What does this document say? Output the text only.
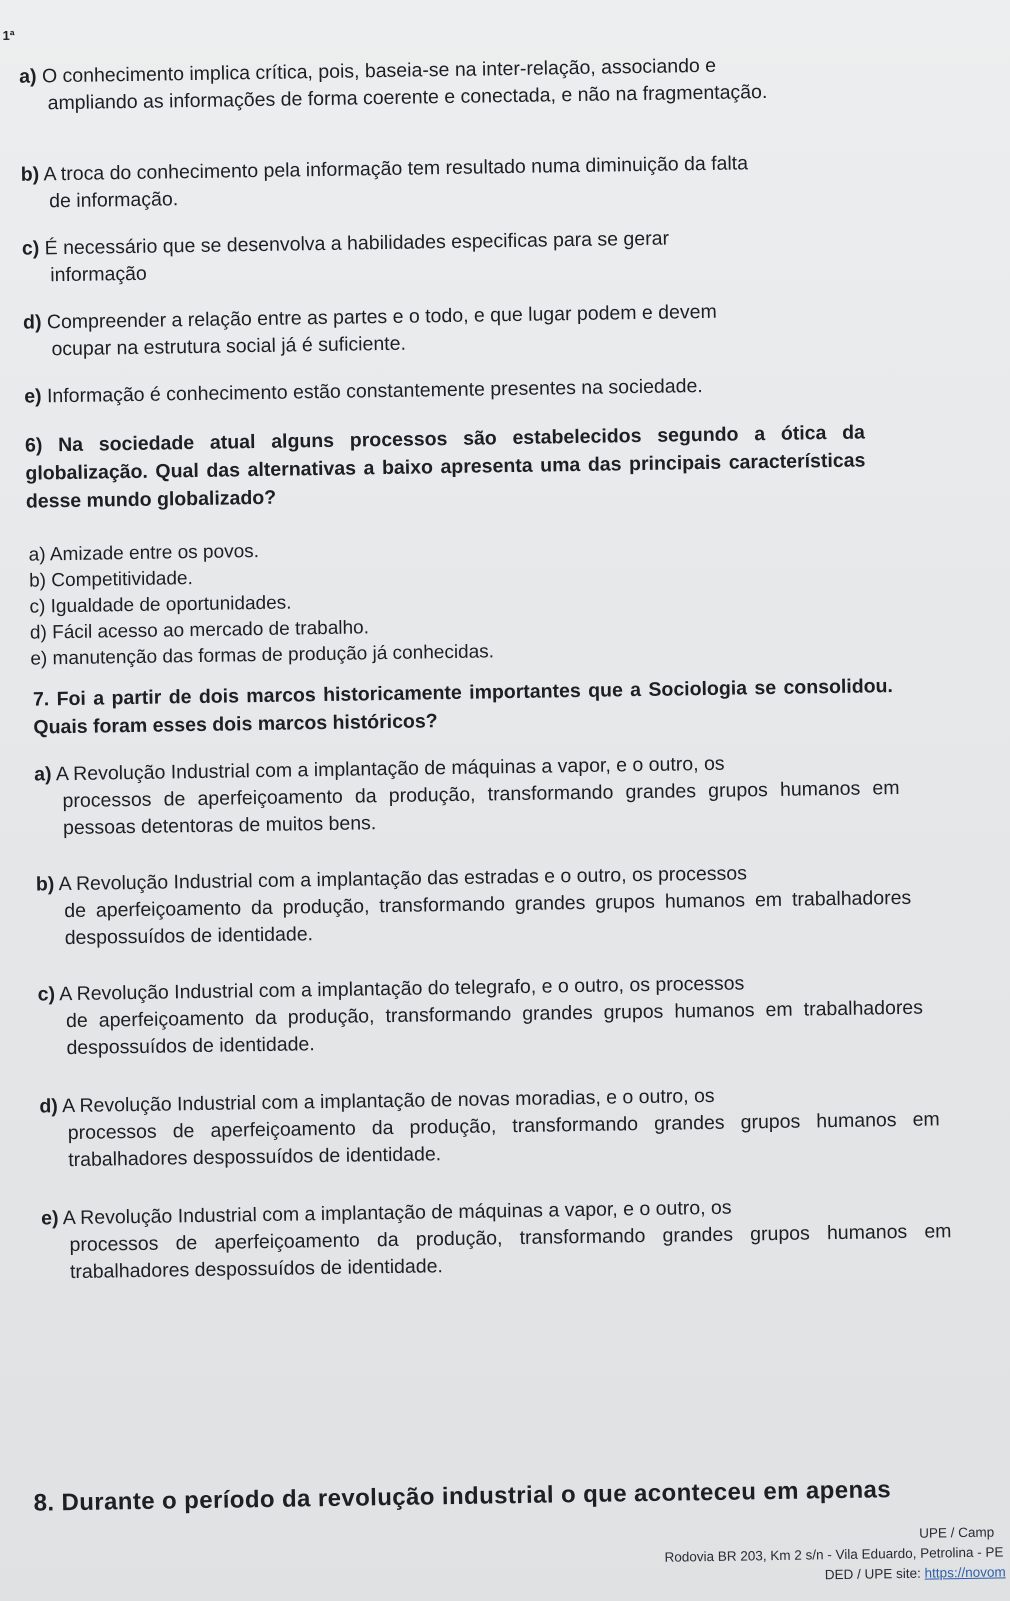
1ª
a) O conhecimento implica crítica, pois, baseia-se na inter-relação, associando e
ampliando as informações de forma coerente e conectada, e não na fragmentação.
b) A troca do conhecimento pela informação tem resultado numa diminuição da falta
de informação.
c) É necessário que se desenvolva a habilidades especificas para se gerar
informação
d) Compreender a relação entre as partes e o todo, e que lugar podem e devem
ocupar na estrutura social já é suficiente.
e) Informação é conhecimento estão constantemente presentes na sociedade.
6) Na sociedade atual alguns processos são estabelecidos segundo a ótica da globalização. Qual das alternativas a baixo apresenta uma das principais características desse mundo globalizado?
a) Amizade entre os povos.
b) Competitividade.
c) Igualdade de oportunidades.
d) Fácil acesso ao mercado de trabalho.
e) manutenção das formas de produção já conhecidas.
7. Foi a partir de dois marcos historicamente importantes que a Sociologia se consolidou. Quais foram esses dois marcos históricos?
a) A Revolução Industrial com a implantação de máquinas a vapor, e o outro, os
processos de aperfeiçoamento da produção, transformando grandes grupos humanos em pessoas detentoras de muitos bens.
b) A Revolução Industrial com a implantação das estradas e o outro, os processos
de aperfeiçoamento da produção, transformando grandes grupos humanos em trabalhadores despossuídos de identidade.
c) A Revolução Industrial com a implantação do telegrafo, e o outro, os processos
de aperfeiçoamento da produção, transformando grandes grupos humanos em trabalhadores despossuídos de identidade.
d) A Revolução Industrial com a implantação de novas moradias, e o outro, os
processos de aperfeiçoamento da produção, transformando grandes grupos humanos em trabalhadores despossuídos de identidade.
e) A Revolução Industrial com a implantação de máquinas a vapor, e o outro, os
processos de aperfeiçoamento da produção, transformando grandes grupos humanos em trabalhadores despossuídos de identidade.
8. Durante o período da revolução industrial o que aconteceu em apenas
UPE / Camp
Rodovia BR 203, Km 2 s/n - Vila Eduardo, Petrolina - PE
DED / UPE site: https://novom
